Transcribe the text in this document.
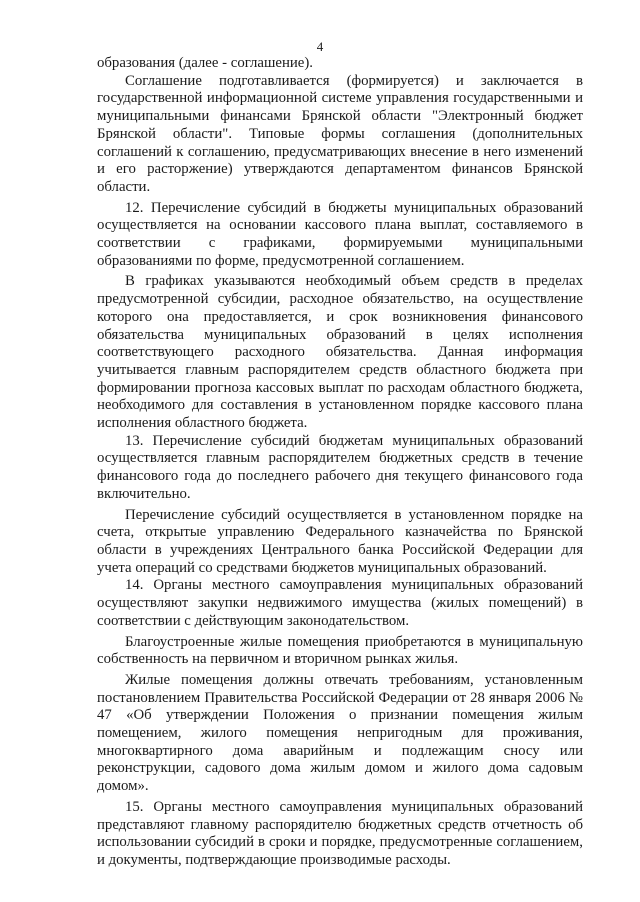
4

образования (далее - соглашение).

Соглашение подготавливается (формируется) и заключается в государственной информационной системе управления государственными и муниципальными финансами Брянской области "Электронный бюджет Брянской области". Типовые формы соглашения (дополнительных соглашений к соглашению, предусматривающих внесение в него изменений и его расторжение) утверждаются департаментом финансов Брянской области.

12. Перечисление субсидий в бюджеты муниципальных образований осуществляется на основании кассового плана выплат, составляемого в соответствии с графиками, формируемыми муниципальными образованиями по форме, предусмотренной соглашением.

В графиках указываются необходимый объем средств в пределах предусмотренной субсидии, расходное обязательство, на осуществление которого она предоставляется, и срок возникновения финансового обязательства муниципальных образований в целях исполнения соответствующего расходного обязательства. Данная информация учитывается главным распорядителем средств областного бюджета при формировании прогноза кассовых выплат по расходам областного бюджета, необходимого для составления в установленном порядке кассового плана исполнения областного бюджета.

13. Перечисление субсидий бюджетам муниципальных образований осуществляется главным распорядителем бюджетных средств в течение финансового года до последнего рабочего дня текущего финансового года включительно.

Перечисление субсидий осуществляется в установленном порядке на счета, открытые управлению Федерального казначейства по Брянской области в учреждениях Центрального банка Российской Федерации для учета операций со средствами бюджетов муниципальных образований.

14. Органы местного самоуправления муниципальных образований осуществляют закупки недвижимого имущества (жилых помещений) в соответствии с действующим законодательством.

Благоустроенные жилые помещения приобретаются в муниципальную собственность на первичном и вторичном рынках жилья.

Жилые помещения должны отвечать требованиям, установленным постановлением Правительства Российской Федерации от 28 января 2006 № 47 «Об утверждении Положения о признании помещения жилым помещением, жилого помещения непригодным для проживания, многоквартирного дома аварийным и подлежащим сносу или реконструкции, садового дома жилым домом и жилого дома садовым домом».

15. Органы местного самоуправления муниципальных образований представляют главному распорядителю бюджетных средств отчетность об использовании субсидий в сроки и порядке, предусмотренные соглашением, и документы, подтверждающие производимые расходы.
